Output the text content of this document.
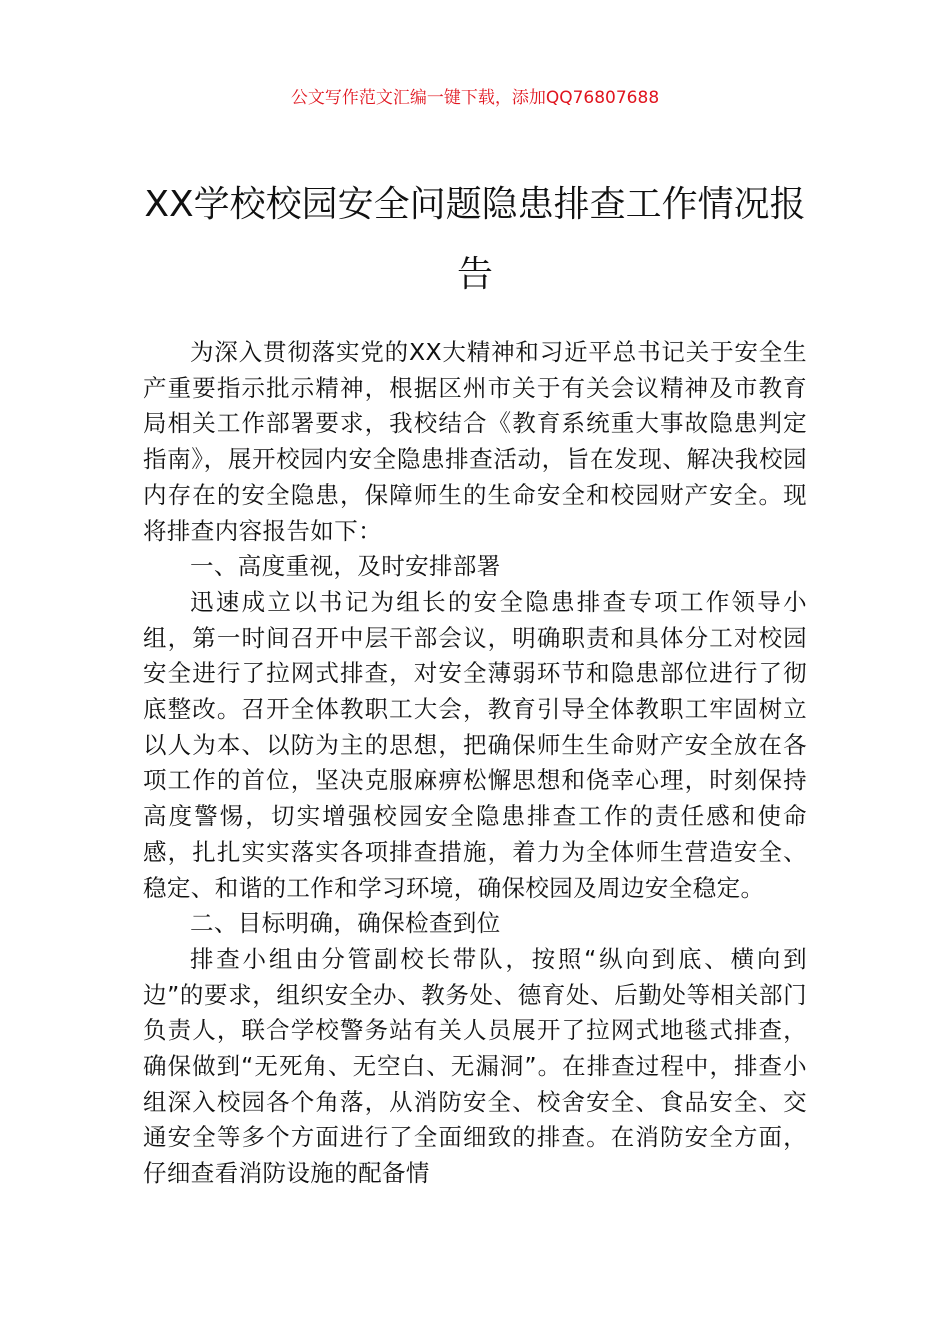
公文写作范文汇编一键下载，添加QQ76807688
XX学校校园安全问题隐患排查工作情况报告

为深入贯彻落实党的XX大精神和习近平总书记关于安全生产重要指示批示精神，根据区州市关于有关会议精神及市教育局相关工作部署要求，我校结合《教育系统重大事故隐患判定指南》，展开校园内安全隐患排查活动，旨在发现、解决我校园内存在的安全隐患，保障师生的生命安全和校园财产安全。现将排查内容报告如下：

一、高度重视，及时安排部署

迅速成立以书记为组长的安全隐患排查专项工作领导小组，第一时间召开中层干部会议，明确职责和具体分工对校园安全进行了拉网式排查，对安全薄弱环节和隐患部位进行了彻底整改。召开全体教职工大会，教育引导全体教职工牢固树立以人为本、以防为主的思想，把确保师生生命财产安全放在各项工作的首位，坚决克服麻痹松懈思想和侥幸心理，时刻保持高度警惕，切实增强校园安全隐患排查工作的责任感和使命感，扎扎实实落实各项排查措施，着力为全体师生营造安全、稳定、和谐的工作和学习环境，确保校园及周边安全稳定。

二、目标明确，确保检查到位

排查小组由分管副校长带队，按照“纵向到底、横向到边”的要求，组织安全办、教务处、德育处、后勤处等相关部门负责人，联合学校警务站有关人员展开了拉网式地毯式排查，确保做到“无死角、无空白、无漏洞”。在排查过程中，排查小组深入校园各个角落，从消防安全、校舍安全、食品安全、交通安全等多个方面进行了全面细致的排查。在消防安全方面，仔细查看消防设施的配备情
